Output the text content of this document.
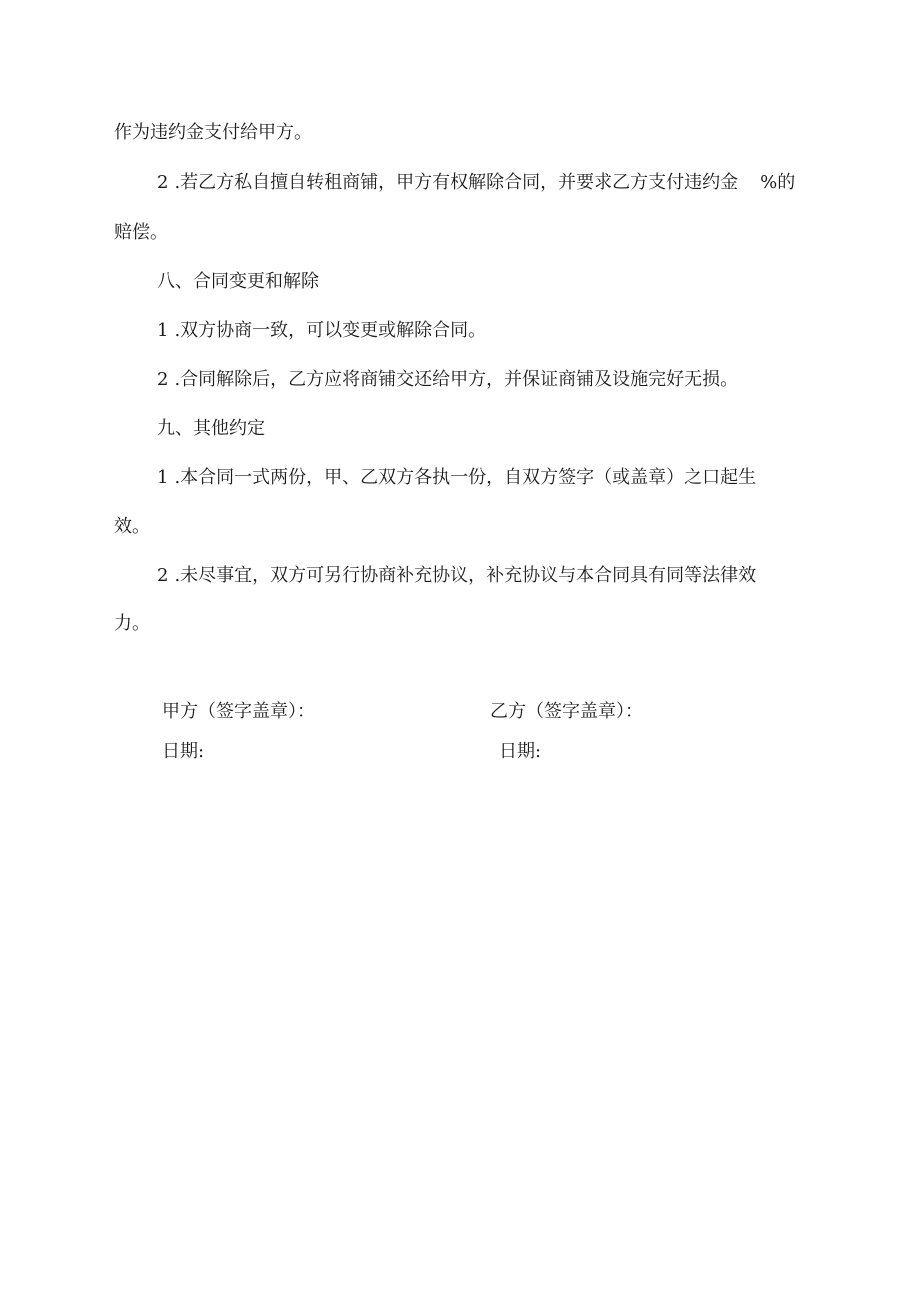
作为违约金支付给甲方。
2 .若乙方私自擅自转租商铺，甲方有权解除合同，并要求乙方支付违约金 %的
赔偿。
八、合同变更和解除
1 .双方协商一致，可以变更或解除合同。
2 .合同解除后，乙方应将商铺交还给甲方，并保证商铺及设施完好无损。
九、其他约定
1 .本合同一式两份，甲、乙双方各执一份，自双方签字（或盖章）之口起生
效。
2 .未尽事宜，双方可另行协商补充协议，补充协议与本合同具有同等法律效
力。
甲方（签字盖章）：	乙方（签字盖章）：
日期:	日期:
